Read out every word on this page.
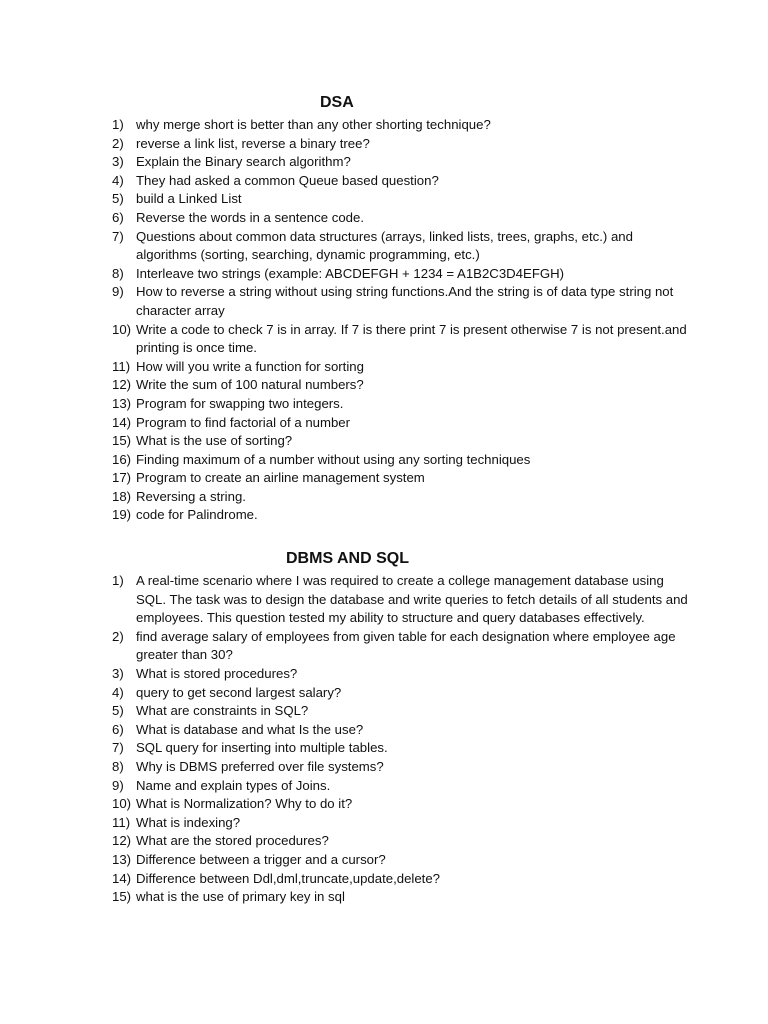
DSA
1) why merge short is better than any other shorting technique?
2) reverse a link list, reverse a binary tree?
3) Explain the Binary search algorithm?
4) They had asked a common Queue based question?
5) build a Linked List
6) Reverse the words in a sentence code.
7) Questions about common data structures (arrays, linked lists, trees, graphs, etc.) and algorithms (sorting, searching, dynamic programming, etc.)
8) Interleave two strings (example: ABCDEFGH + 1234 = A1B2C3D4EFGH)
9) How to reverse a string without using string functions.And the string is of data type string not character array
10) Write a code to check 7 is in array. If 7 is there print 7 is present otherwise 7 is not present.and printing is once time.
11) How will you write a function for sorting
12) Write the sum of 100 natural numbers?
13) Program for swapping two integers.
14) Program to find factorial of a number
15) What is the use of sorting?
16) Finding maximum of a number without using any sorting techniques
17) Program to create an airline management system
18) Reversing a string.
19) code for Palindrome.
DBMS AND SQL
1) A real-time scenario where I was required to create a college management database using SQL. The task was to design the database and write queries to fetch details of all students and employees. This question tested my ability to structure and query databases effectively.
2) find average salary of employees from given table for each designation where employee age greater than 30?
3) What is stored procedures?
4) query to get second largest salary?
5) What are constraints in SQL?
6) What is database and what Is the use?
7) SQL query for inserting into multiple tables.
8) Why is DBMS preferred over file systems?
9) Name and explain types of Joins.
10) What is Normalization? Why to do it?
11) What is indexing?
12) What are the stored procedures?
13) Difference between a trigger and a cursor?
14) Difference between Ddl,dml,truncate,update,delete?
15) what is the use of primary key in sql
